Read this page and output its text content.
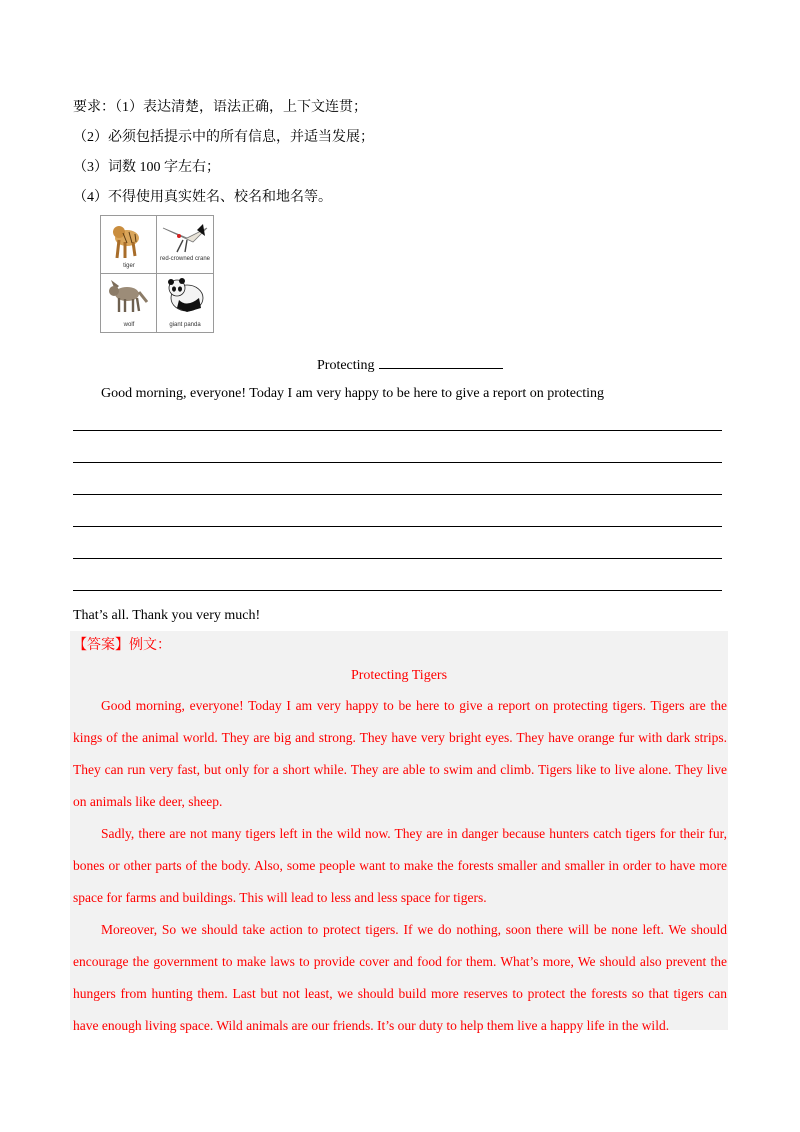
要求：（1）表达清楚，语法正确，上下文连贯；
（2）必须包括提示中的所有信息，并适当发展；
（3）词数 100 字左右；
（4）不得使用真实姓名、校名和地名等。
tiger
red-crowned crane
wolf	giant panda
Protecting
Good morning, everyone! Today I am very happy to be here to give a report on protecting
That’s all. Thank you very much!
【答案】例文：
Protecting Tigers

Good morning, everyone! Today I am very happy to be here to give a report on protecting tigers. Tigers are the kings of the animal world. They are big and strong. They have very bright eyes. They have orange fur with dark strips. They can run very fast, but only for a short while. They are able to swim and climb. Tigers like to live alone. They live on animals like deer, sheep.

Sadly, there are not many tigers left in the wild now. They are in danger because hunters catch tigers for their fur, bones or other parts of the body. Also, some people want to make the forests smaller and smaller in order to have more space for farms and buildings. This will lead to less and less space for tigers.

Moreover, So we should take action to protect tigers. If we do nothing, soon there will be none left. We should encourage the government to make laws to provide cover and food for them. What’s more, We should also prevent the hungers from hunting them. Last but not least, we should build more reserves to protect the forests so that tigers can have enough living space. Wild animals are our friends. It’s our duty to help them live a happy life in the wild.
